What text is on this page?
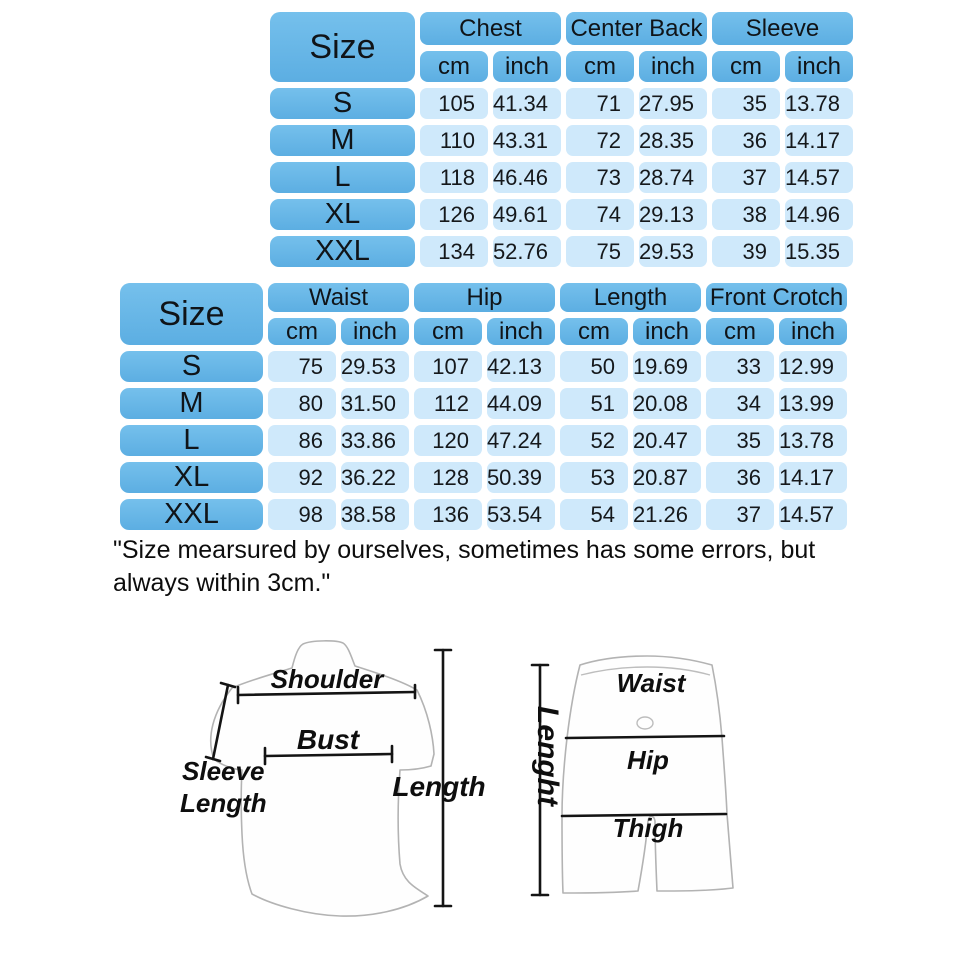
Size	Chest	Center Back	Sleeve
cm	inch	cm	inch	cm	inch
S	105 41.34	71 27.95	35 13.78
M	110 43.31	72 28.35	36 14.17
L	118 46.46	73 28.74	37 14.57
XL	126 49.61	74 29.13	38 14.96
XXL	134 52.76	75 29.53	39 15.35
Size	Waist	Hip	Length	Front Crotch
cm	inch	cm	inch	cm	inch	cm	inch
S	75 29.53	107 42.13	50 19.69	33 12.99
M	80 31.50	112 44.09	51 20.08	34 13.99
L	86 33.86	120 47.24	52 20.47	35 13.78
XL	92 36.22	128 50.39	53 20.87	36 14.17
XXL	98 38.58	136 53.54	54 21.26	37 14.57
"Size mearsured by ourselves, sometimes has some errors, but
always within 3cm."
Shoulder
Bust
Sleeve
Length
Length
Waist
Hip
Thigh
Lenght
